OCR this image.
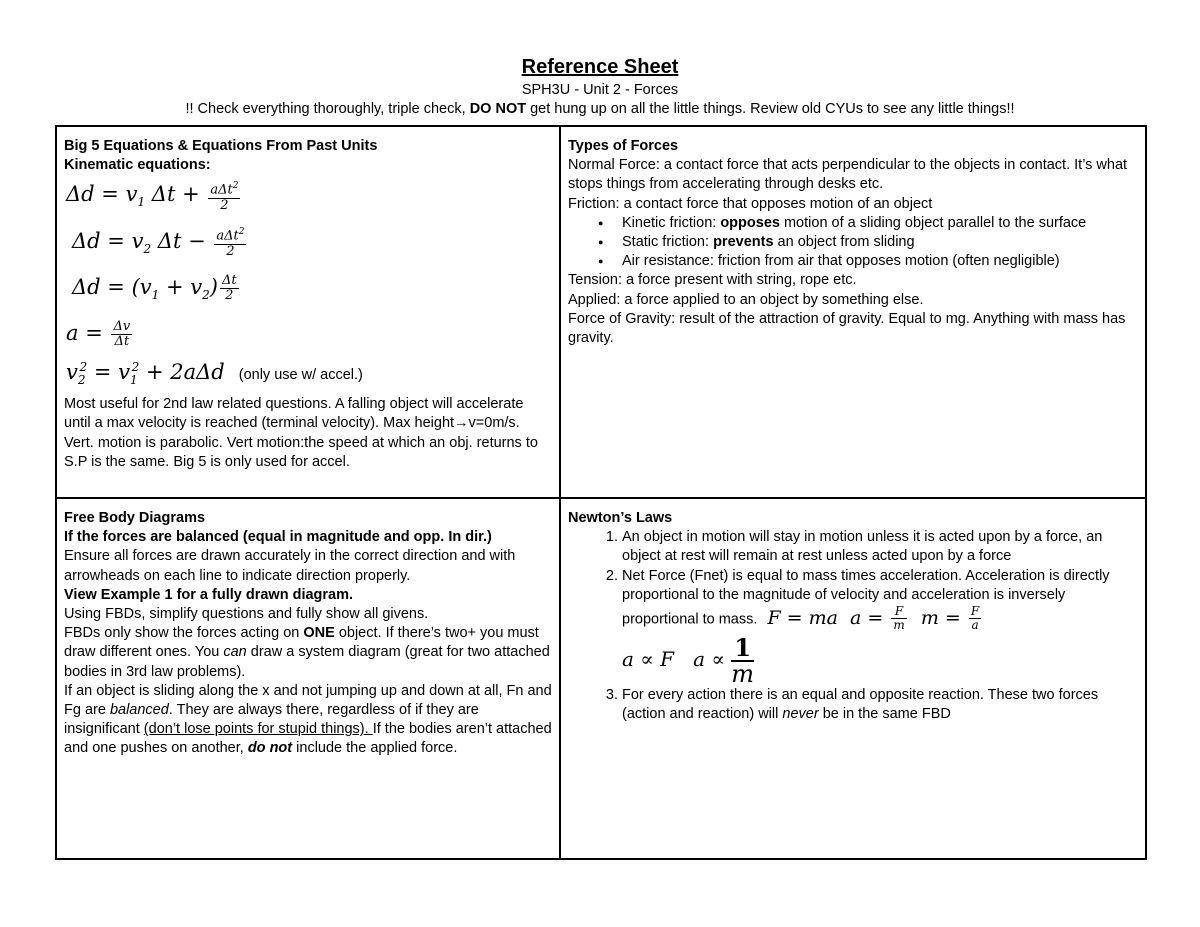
Reference Sheet
SPH3U - Unit 2 - Forces
!! Check everything thoroughly, triple check, DO NOT get hung up on all the little things. Review old CYUs to see any little things!!
Big 5 Equations & Equations From Past Units
Kinematic equations:
$\Delta d = v_1$ $\Delta t + \frac{a\Delta t^2}{2}$
$\Delta d = v_2$ $\Delta t - \frac{a\Delta t^2}{2}$
$\Delta d = (v_1 + v_2) \frac{\Delta t}{2}$
$a = \frac{\Delta v}{\Delta t}$
$v_2^2 = v_1^2 + 2a\Delta d$ (only use w/ accel.)
Most useful for 2nd law related questions. A falling object will accelerate until a max velocity is reached (terminal velocity). Max height→v=0m/s. Vert. motion is parabolic. Vert motion:the speed at which an obj. returns to S.P is the same. Big 5 is only used for accel.
Types of Forces
Normal Force: a contact force that acts perpendicular to the objects in contact. It’s what stops things from accelerating through desks etc.
Friction: a contact force that opposes motion of an object
● Kinetic friction: opposes motion of a sliding object parallel to the surface
● Static friction: prevents an object from sliding
● Air resistance: friction from air that opposes motion (often negligible)
Tension: a force present with string, rope etc.
Applied: a force applied to an object by something else.
Force of Gravity: result of the attraction of gravity. Equal to mg. Anything with mass has gravity.
Free Body Diagrams
If the forces are balanced (equal in magnitude and opp. In dir.)
Ensure all forces are drawn accurately in the correct direction and with arrowheads on each line to indicate direction properly.
View Example 1 for a fully drawn diagram.
Using FBDs, simplify questions and fully show all givens.
FBDs only show the forces acting on ONE object. If there’s two+ you must draw different ones. You can draw a system diagram (great for two attached bodies in 3rd law problems).
If an object is sliding along the x and not jumping up and down at all, Fn and Fg are balanced. They are always there, regardless of if they are insignificant (don’t lose points for stupid things). If the bodies aren’t attached and one pushes on another, do not include the applied force.
Newton’s Laws
1. An object in motion will stay in motion unless it is acted upon by a force, an object at rest will remain at rest unless acted upon by a force
2. Net Force (Fnet) is equal to mass times acceleration. Acceleration is directly proportional to the magnitude of velocity and acceleration is inversely proportional to mass. F = ma  $a = \frac{F}{m}$ $m = \frac{F}{a}$
a ∝ F   $a \propto \frac{1}{m}$
3. For every action there is an equal and opposite reaction. These two forces (action and reaction) will never be in the same FBD
